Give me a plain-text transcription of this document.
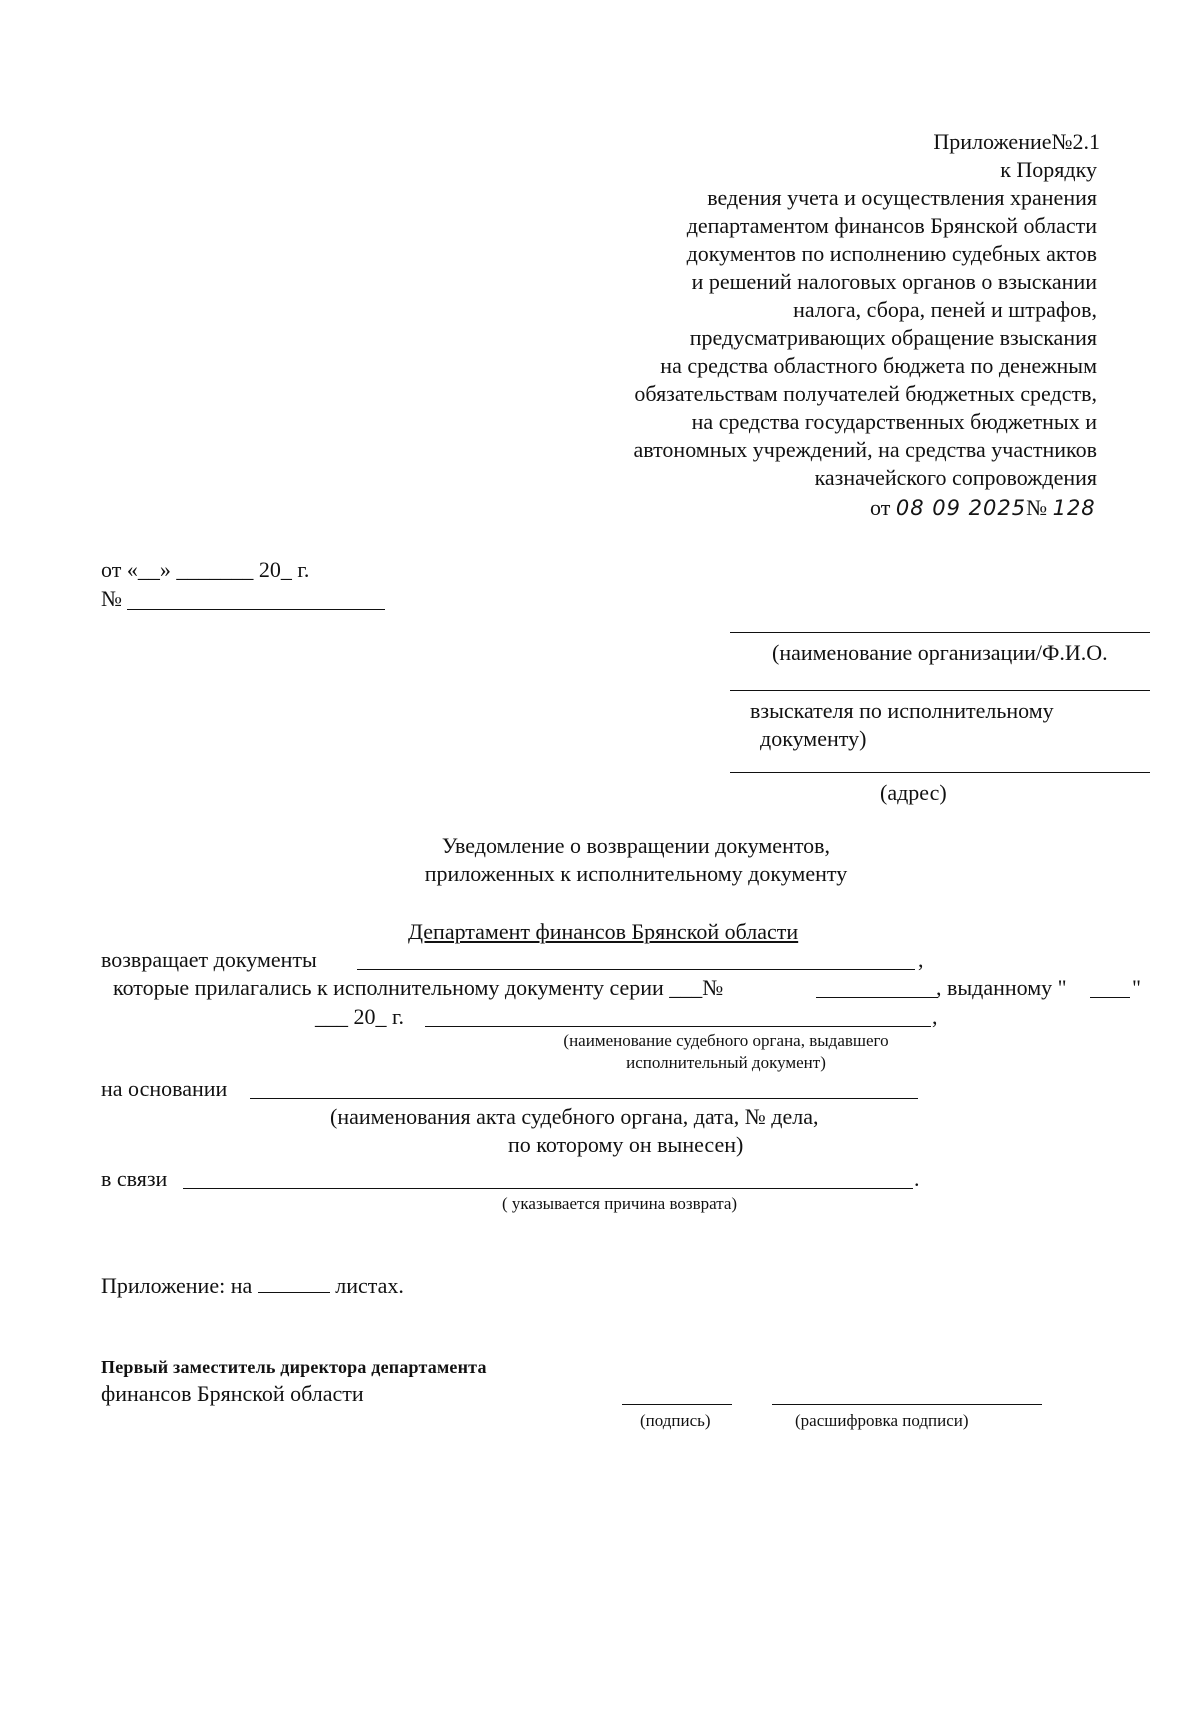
Приложение№2.1
к Порядку
ведения учета и осуществления хранения
департаментом финансов Брянской области
документов по исполнению судебных актов
и решений налоговых органов о взыскании
налога, сбора, пеней и штрафов,
предусматривающих обращение взыскания
на средства областного бюджета по денежным
обязательствам получателей бюджетных средств,
на средства государственных бюджетных и
автономных учреждений, на средства участников
казначейского сопровождения
от 08 09 2025№ 128
от «__» _______ 20_ г.
№
(наименование организации/Ф.И.О.
взыскателя по исполнительному
документу)
(адрес)
Уведомление о возвращении документов,
приложенных к исполнительному документу
Департамент финансов Брянской области
возвращает документы	,
которые прилагались к исполнительному документу серии ___№	, выданному "	"
___ 20_ г.	,
(наименование судебного органа, выдавшего
исполнительный документ)
на основании
(наименования акта судебного органа, дата, № дела,
по которому он вынесен)
в связи	.
( указывается причина возврата)
Приложение: на	листах.
Первый заместитель директора департамента
финансов Брянской области
(подпись)	(расшифровка подписи)
